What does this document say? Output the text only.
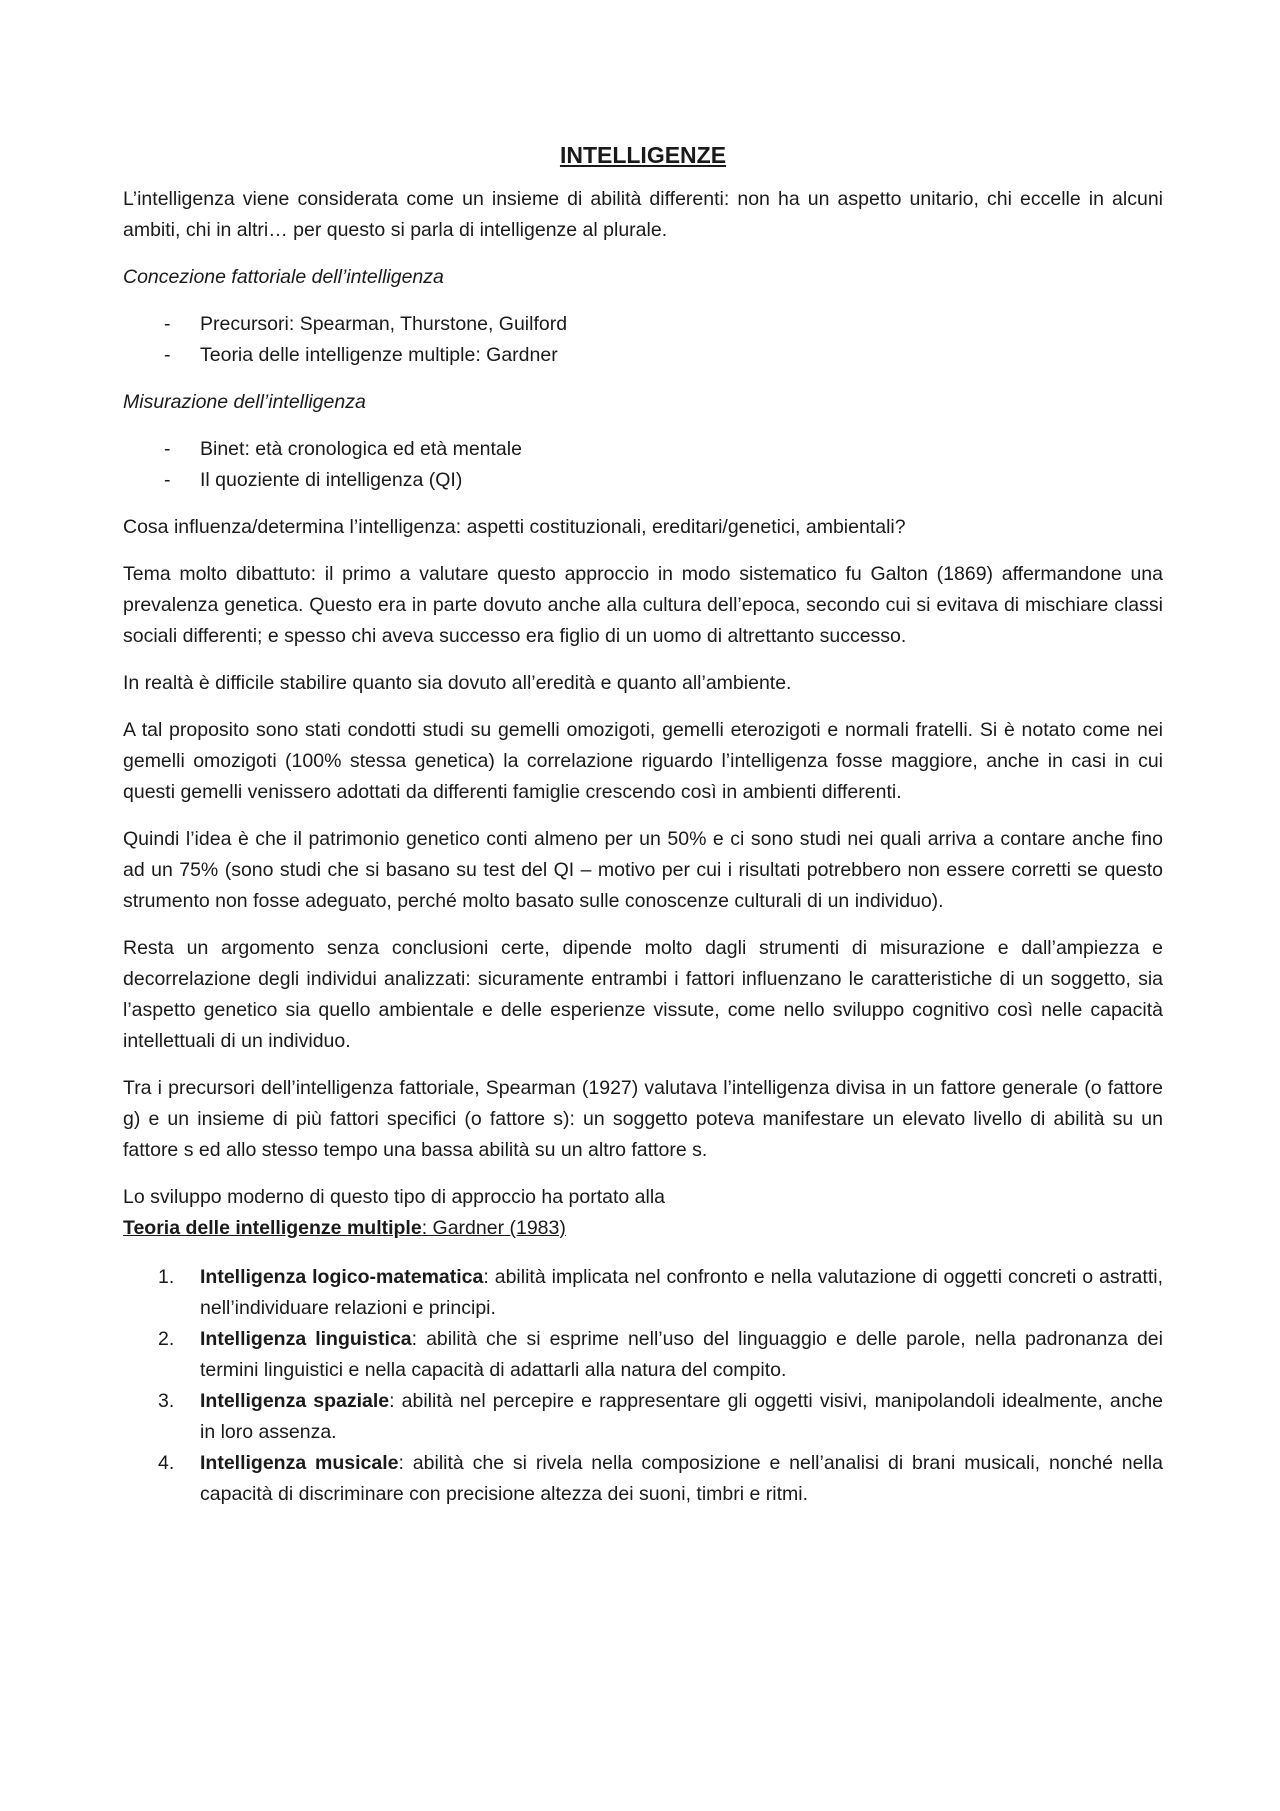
INTELLIGENZE

L’intelligenza viene considerata come un insieme di abilità differenti: non ha un aspetto unitario, chi eccelle in alcuni ambiti, chi in altri… per questo si parla di intelligenze al plurale.

Concezione fattoriale dell’intelligenza

- Precursori: Spearman, Thurstone, Guilford
- Teoria delle intelligenze multiple: Gardner

Misurazione dell’intelligenza

- Binet: età cronologica ed età mentale
- Il quoziente di intelligenza (QI)

Cosa influenza/determina l’intelligenza: aspetti costituzionali, ereditari/genetici, ambientali?

Tema molto dibattuto: il primo a valutare questo approccio in modo sistematico fu Galton (1869) affermandone una prevalenza genetica. Questo era in parte dovuto anche alla cultura dell’epoca, secondo cui si evitava di mischiare classi sociali differenti; e spesso chi aveva successo era figlio di un uomo di altrettanto successo.

In realtà è difficile stabilire quanto sia dovuto all’eredità e quanto all’ambiente.

A tal proposito sono stati condotti studi su gemelli omozigoti, gemelli eterozigoti e normali fratelli. Si è notato come nei gemelli omozigoti (100% stessa genetica) la correlazione riguardo l’intelligenza fosse maggiore, anche in casi in cui questi gemelli venissero adottati da differenti famiglie crescendo così in ambienti differenti.

Quindi l’idea è che il patrimonio genetico conti almeno per un 50% e ci sono studi nei quali arriva a contare anche fino ad un 75% (sono studi che si basano su test del QI – motivo per cui i risultati potrebbero non essere corretti se questo strumento non fosse adeguato, perché molto basato sulle conoscenze culturali di un individuo).

Resta un argomento senza conclusioni certe, dipende molto dagli strumenti di misurazione e dall’ampiezza e decorrelazione degli individui analizzati: sicuramente entrambi i fattori influenzano le caratteristiche di un soggetto, sia l’aspetto genetico sia quello ambientale e delle esperienze vissute, come nello sviluppo cognitivo così nelle capacità intellettuali di un individuo.

Tra i precursori dell’intelligenza fattoriale, Spearman (1927) valutava l’intelligenza divisa in un fattore generale (o fattore g) e un insieme di più fattori specifici (o fattore s): un soggetto poteva manifestare un elevato livello di abilità su un fattore s ed allo stesso tempo una bassa abilità su un altro fattore s.

Lo sviluppo moderno di questo tipo di approccio ha portato alla
Teoria delle intelligenze multiple: Gardner (1983)

1. Intelligenza logico-matematica: abilità implicata nel confronto e nella valutazione di oggetti concreti o astratti, nell’individuare relazioni e principi.
2. Intelligenza linguistica: abilità che si esprime nell’uso del linguaggio e delle parole, nella padronanza dei termini linguistici e nella capacità di adattarli alla natura del compito.
3. Intelligenza spaziale: abilità nel percepire e rappresentare gli oggetti visivi, manipolandoli idealmente, anche in loro assenza.
4. Intelligenza musicale: abilità che si rivela nella composizione e nell’analisi di brani musicali, nonché nella capacità di discriminare con precisione altezza dei suoni, timbri e ritmi.
